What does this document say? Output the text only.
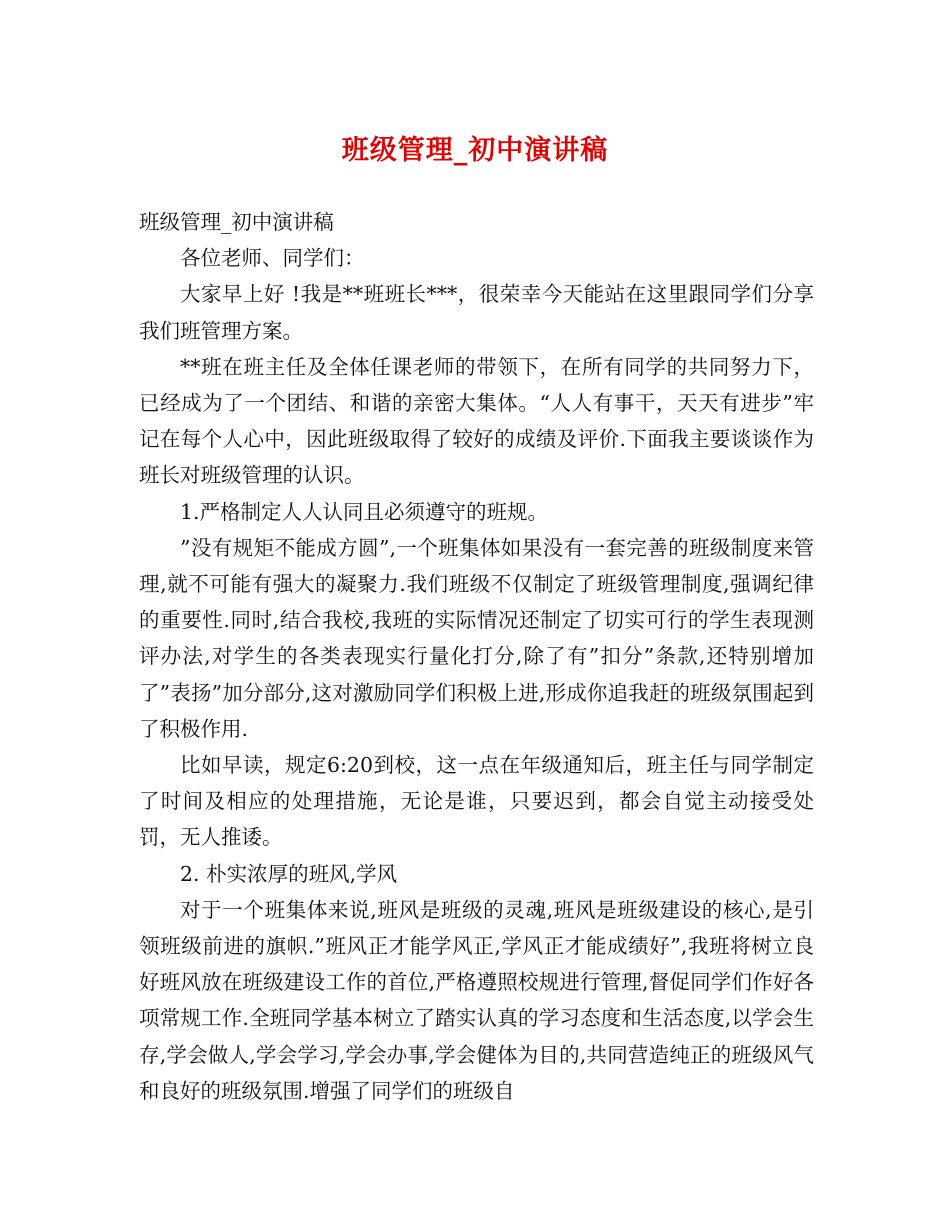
班级管理_初中演讲稿

班级管理_初中演讲稿

各位老师、同学们：

大家早上好 !我是**班班长***，很荣幸今天能站在这里跟同学们分享我们班管理方案。

**班在班主任及全体任课老师的带领下，在所有同学的共同努力下，已经成为了一个团结、和谐的亲密大集体。“人人有事干，天天有进步”牢记在每个人心中，因此班级取得了较好的成绩及评价.下面我主要谈谈作为班长对班级管理的认识。

1.严格制定人人认同且必须遵守的班规。

”没有规矩不能成方圆”,一个班集体如果没有一套完善的班级制度来管理,就不可能有强大的凝聚力.我们班级不仅制定了班级管理制度,强调纪律的重要性.同时,结合我校,我班的实际情况还制定了切实可行的学生表现测评办法,对学生的各类表现实行量化打分,除了有”扣分”条款,还特别增加了”表扬”加分部分,这对激励同学们积极上进,形成你追我赶的班级氛围起到了积极作用.

比如早读，规定6:20到校，这一点在年级通知后，班主任与同学制定了时间及相应的处理措施，无论是谁，只要迟到，都会自觉主动接受处罚，无人推诿。

2. 朴实浓厚的班风,学风

对于一个班集体来说,班风是班级的灵魂,班风是班级建设的核心,是引领班级前进的旗帜.”班风正才能学风正,学风正才能成绩好”,我班将树立良好班风放在班级建设工作的首位,严格遵照校规进行管理,督促同学们作好各项常规工作.全班同学基本树立了踏实认真的学习态度和生活态度,以学会生存,学会做人,学会学习,学会办事,学会健体为目的,共同营造纯正的班级风气和良好的班级氛围.增强了同学们的班级自
